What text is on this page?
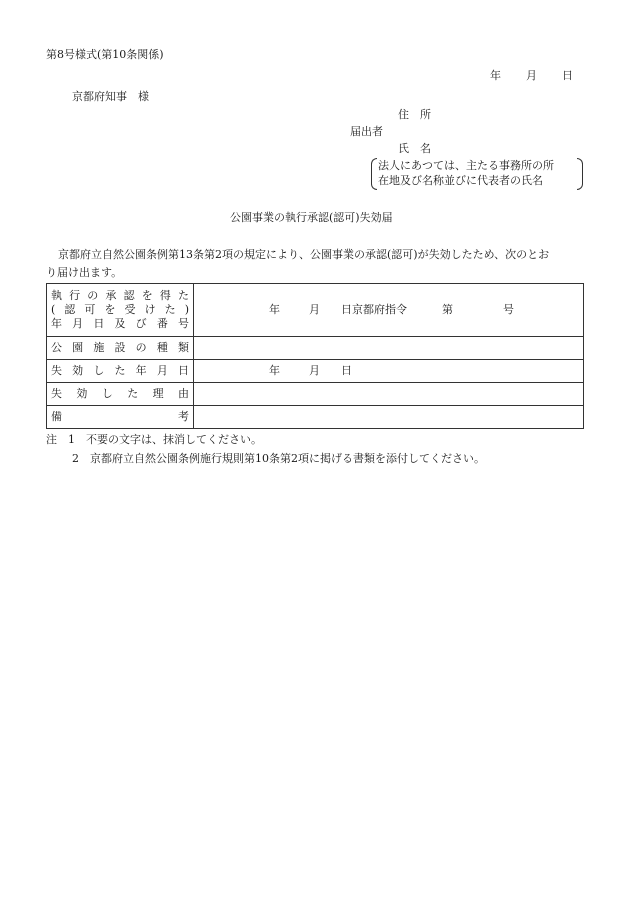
第8号様式(第10条関係)
年 月 日
京都府知事　様
住　所
届出者
氏　名
法人にあつては、主たる事務所の所
在地及び名称並びに代表者の氏名
公園事業の執行承認(認可)失効届
京都府立自然公園条例第13条第2項の規定により、公園事業の承認(認可)が失効したため、次のとお
り届け出ます。
執行の承認を得た
(認可を受けた)
年月日及び番号	年 月 日京都府指令 第 号

公園施設の種類	

失効した年月日	年 月 日

失効した理由	

備　　　　　　考	

注　1　不要の文字は、抹消してください。
2　京都府立自然公園条例施行規則第10条第2項に掲げる書類を添付してください。
